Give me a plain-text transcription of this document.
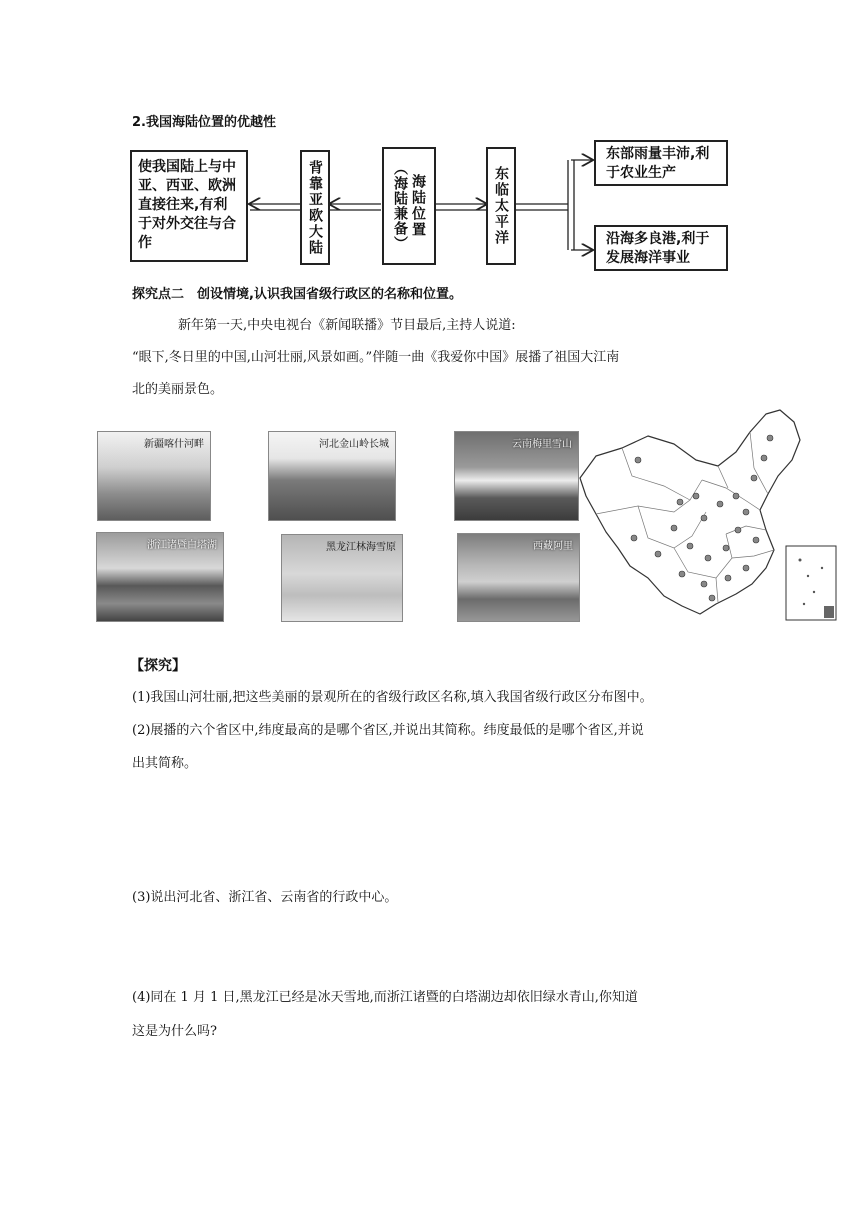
2.我国海陆位置的优越性
使我国陆上与中亚、西亚、欧洲直接往来,有利于对外交往与合作	背靠亚欧大陆	（海陆兼备） 海陆位置	东临太平洋
东部雨量丰沛,利于农业生产
沿海多良港,利于发展海洋事业
探究点二　创设情境,认识我国省级行政区的名称和位置。
新年第一天,中央电视台《新闻联播》节目最后,主持人说道:
“眼下,冬日里的中国,山河壮丽,风景如画。”伴随一曲《我爱你中国》展播了祖国大江南
北的美丽景色。
新疆喀什河畔	河北金山岭长城	云南梅里雪山
浙江诸暨白塔湖	黑龙江林海雪原	西藏阿里
【探究】
(1)我国山河壮丽,把这些美丽的景观所在的省级行政区名称,填入我国省级行政区分布图中。
(2)展播的六个省区中,纬度最高的是哪个省区,并说出其简称。纬度最低的是哪个省区,并说
出其简称。
(3)说出河北省、浙江省、云南省的行政中心。
(4)同在 1 月 1 日,黑龙江已经是冰天雪地,而浙江诸暨的白塔湖边却依旧绿水青山,你知道
这是为什么吗?
